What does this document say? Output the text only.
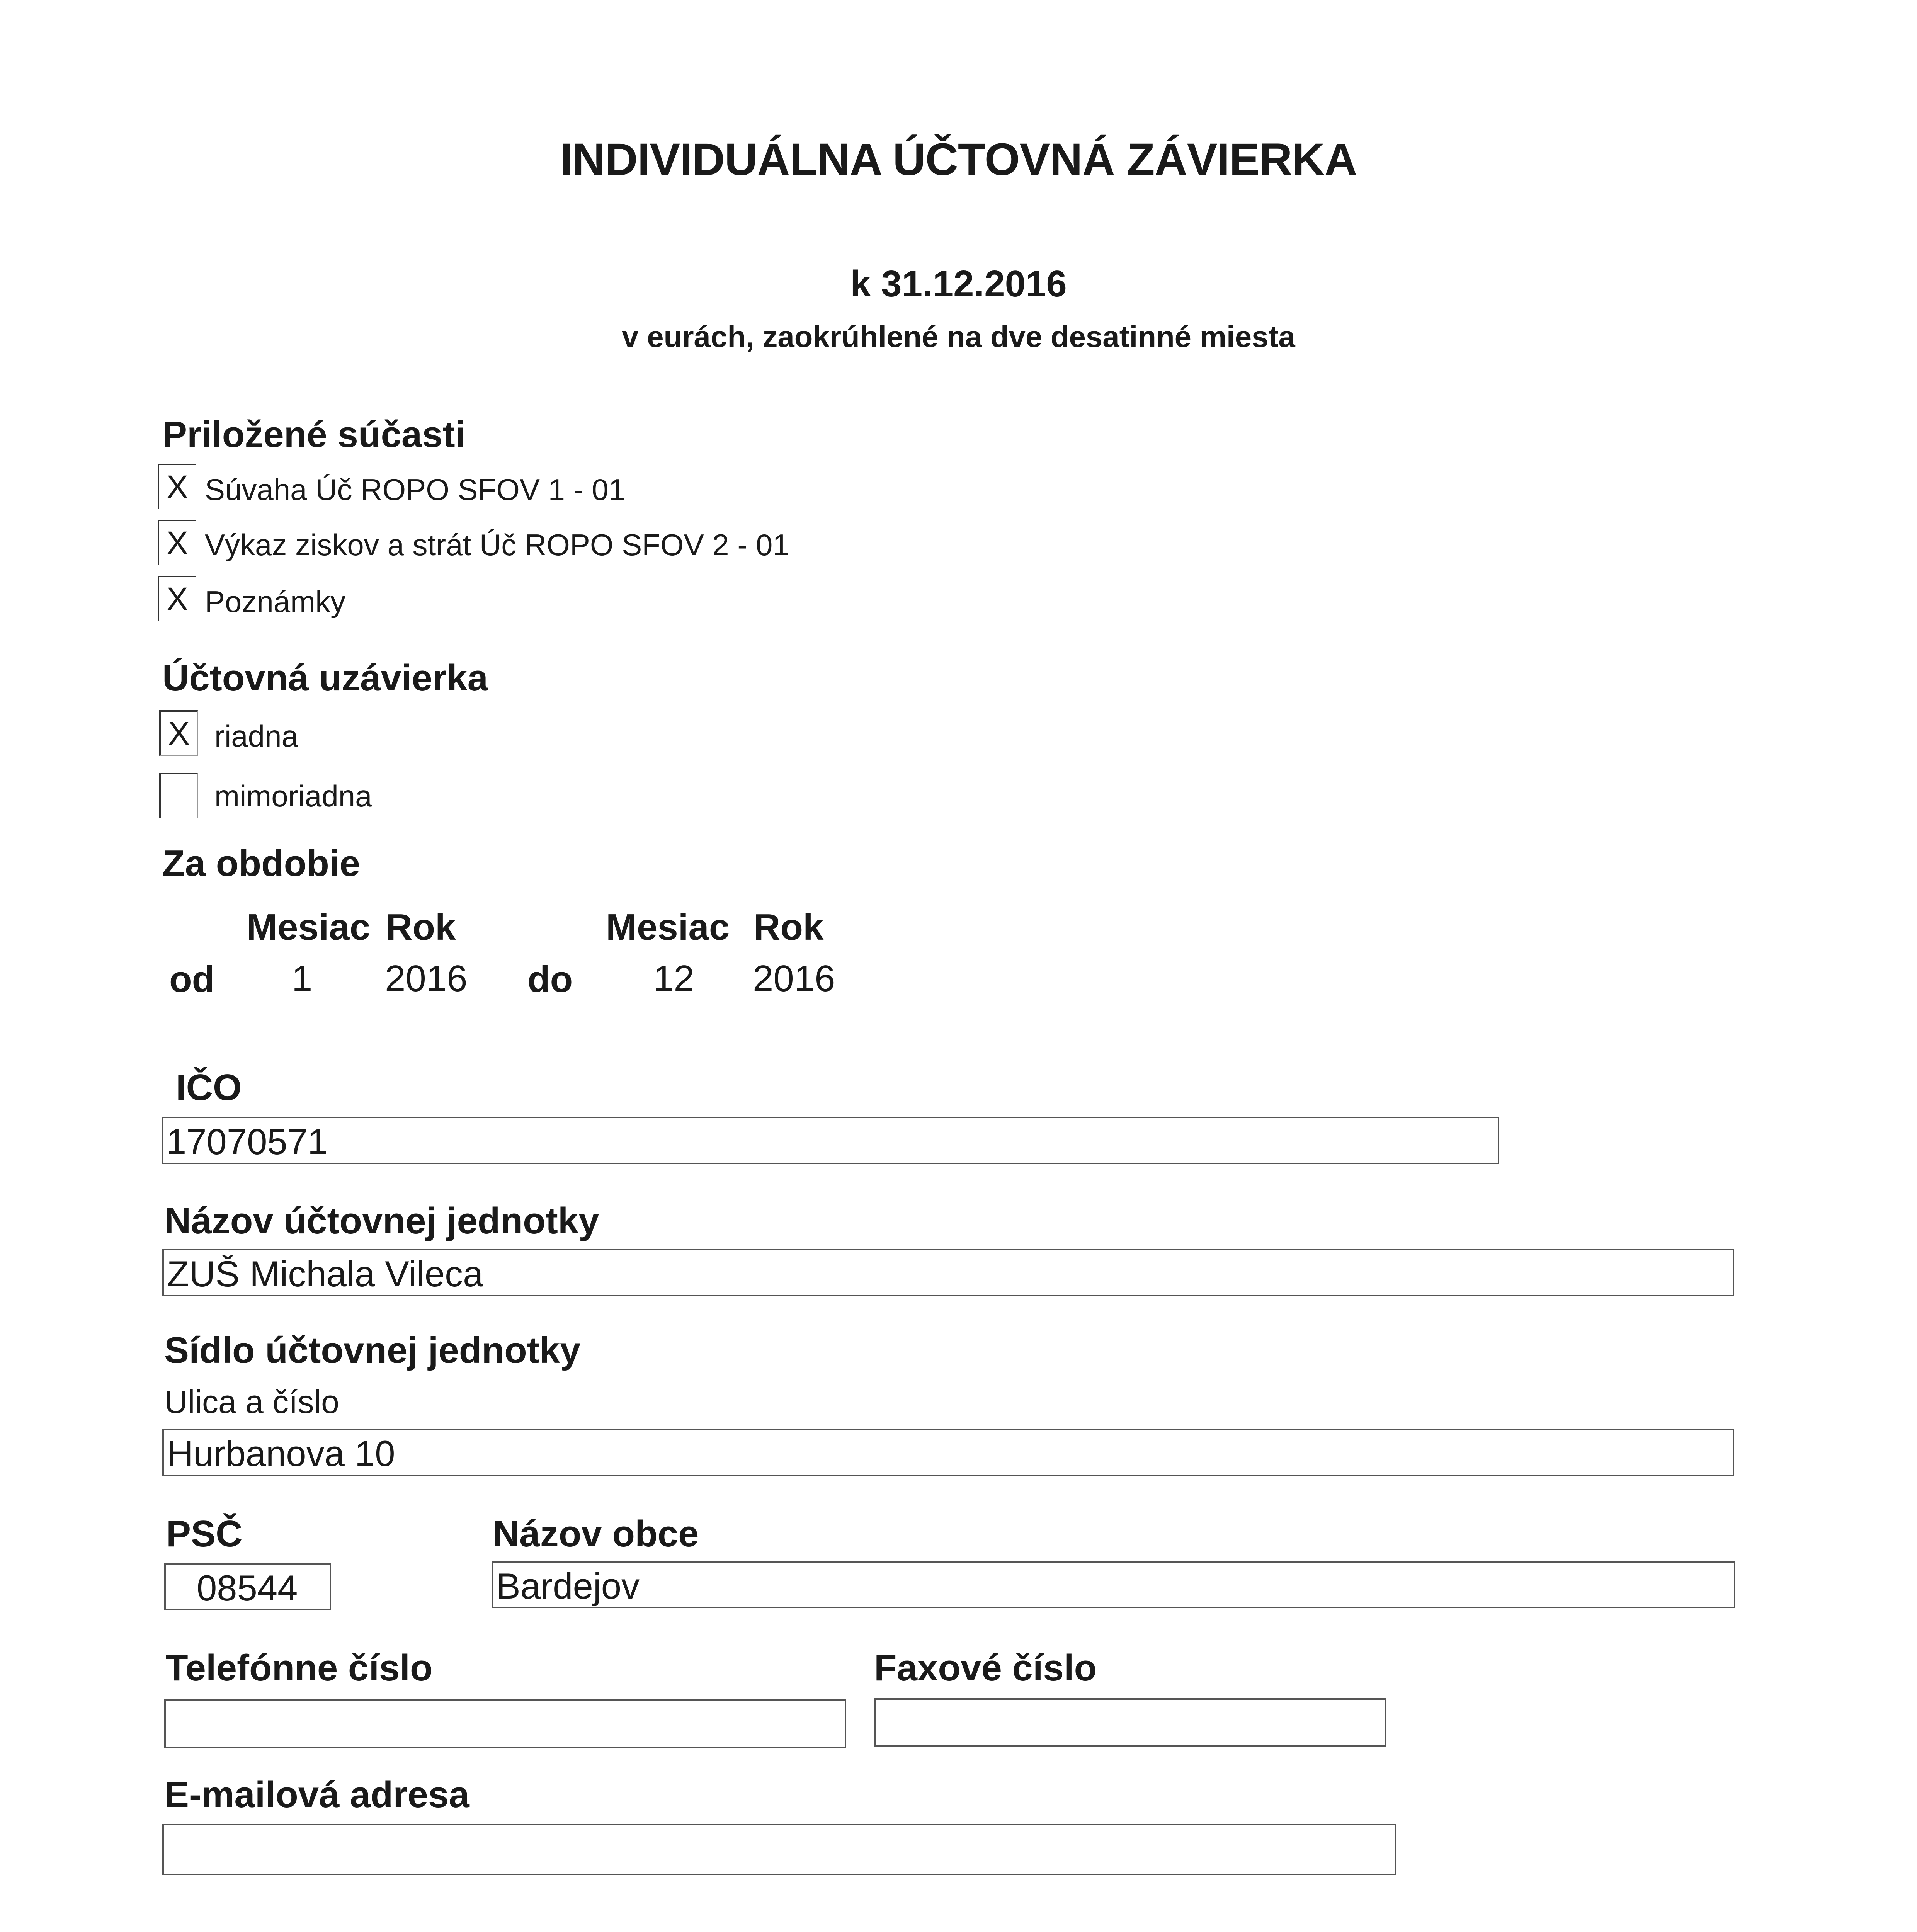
INDIVIDUÁLNA ÚČTOVNÁ ZÁVIERKA
k 31.12.2016
v eurách, zaokrúhlené na dve desatinné miesta
Priložené súčasti
X Súvaha Úč ROPO SFOV 1 - 01
X Výkaz ziskov a strát Úč ROPO SFOV 2 - 01
X Poznámky
Účtovná uzávierka
X riadna
mimoriadna
Za obdobie
Mesiac Rok	Mesiac Rok
od 1 2016 do 12 2016
IČO
17070571
Názov účtovnej jednotky
ZUŠ Michala Vileca
Sídlo účtovnej jednotky
Ulica a číslo
Hurbanova 10
PSČ	Názov obce
08544	Bardejov
Telefónne číslo	Faxové číslo
E-mailová adresa
